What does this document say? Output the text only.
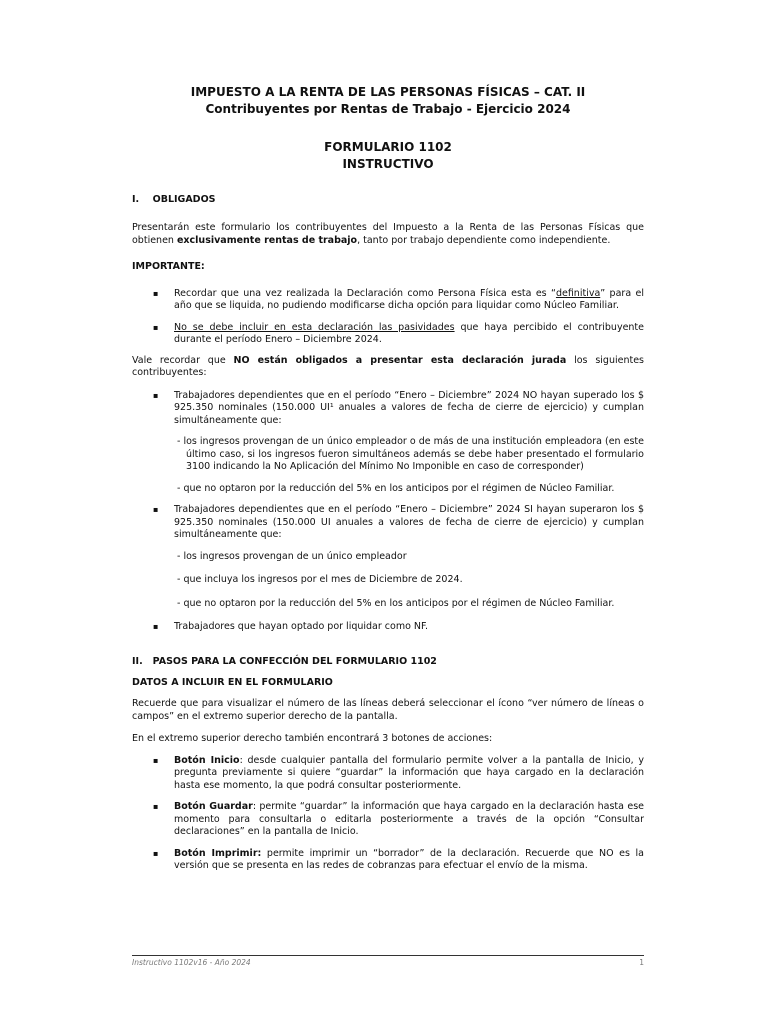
IMPUESTO A LA RENTA DE LAS PERSONAS FÍSICAS – CAT. II

Contribuyentes por Rentas de Trabajo - Ejercicio 2024

FORMULARIO 1102

INSTRUCTIVO

I. OBLIGADOS

Presentarán este formulario los contribuyentes del Impuesto a la Renta de las Personas Físicas que obtienen exclusivamente rentas de trabajo, tanto por trabajo dependiente como independiente.

IMPORTANTE:

▪ Recordar que una vez realizada la Declaración como Persona Física esta es “definitiva” para el año que se liquida, no pudiendo modificarse dicha opción para liquidar como Núcleo Familiar.
▪ No se debe incluir en esta declaración las pasividades que haya percibido el contribuyente durante el período Enero – Diciembre 2024.

Vale recordar que NO están obligados a presentar esta declaración jurada los siguientes contribuyentes:

▪ Trabajadores dependientes que en el período “Enero – Diciembre” 2024 NO hayan superado los $ 925.350 nominales (150.000 UI¹ anuales a valores de fecha de cierre de ejercicio) y cumplan simultáneamente que:

- los ingresos provengan de un único empleador o de más de una institución empleadora (en este último caso, si los ingresos fueron simultáneos además se debe haber presentado el formulario 3100 indicando la No Aplicación del Mínimo No Imponible en caso de corresponder)

- que no optaron por la reducción del 5% en los anticipos por el régimen de Núcleo Familiar.

▪ Trabajadores dependientes que en el período “Enero – Diciembre” 2024 SI hayan superaron los $ 925.350 nominales (150.000 UI anuales a valores de fecha de cierre de ejercicio) y cumplan simultáneamente que:

- los ingresos provengan de un único empleador

- que incluya los ingresos por el mes de Diciembre de 2024.

- que no optaron por la reducción del 5% en los anticipos por el régimen de Núcleo Familiar.

▪ Trabajadores que hayan optado por liquidar como NF.

II. PASOS PARA LA CONFECCIÓN DEL FORMULARIO 1102

DATOS A INCLUIR EN EL FORMULARIO

Recuerde que para visualizar el número de las líneas deberá seleccionar el ícono “ver número de líneas o campos” en el extremo superior derecho de la pantalla.

En el extremo superior derecho también encontrará 3 botones de acciones:

▪ Botón Inicio: desde cualquier pantalla del formulario permite volver a la pantalla de Inicio, y pregunta previamente si quiere “guardar” la información que haya cargado en la declaración hasta ese momento, la que podrá consultar posteriormente.
▪ Botón Guardar: permite “guardar” la información que haya cargado en la declaración hasta ese momento para consultarla o editarla posteriormente a través de la opción “Consultar declaraciones” en la pantalla de Inicio.
▪ Botón Imprimir: permite imprimir un “borrador” de la declaración. Recuerde que NO es la versión que se presenta en las redes de cobranzas para efectuar el envío de la misma.
Instructivo 1102v16 - Año 2024	1
